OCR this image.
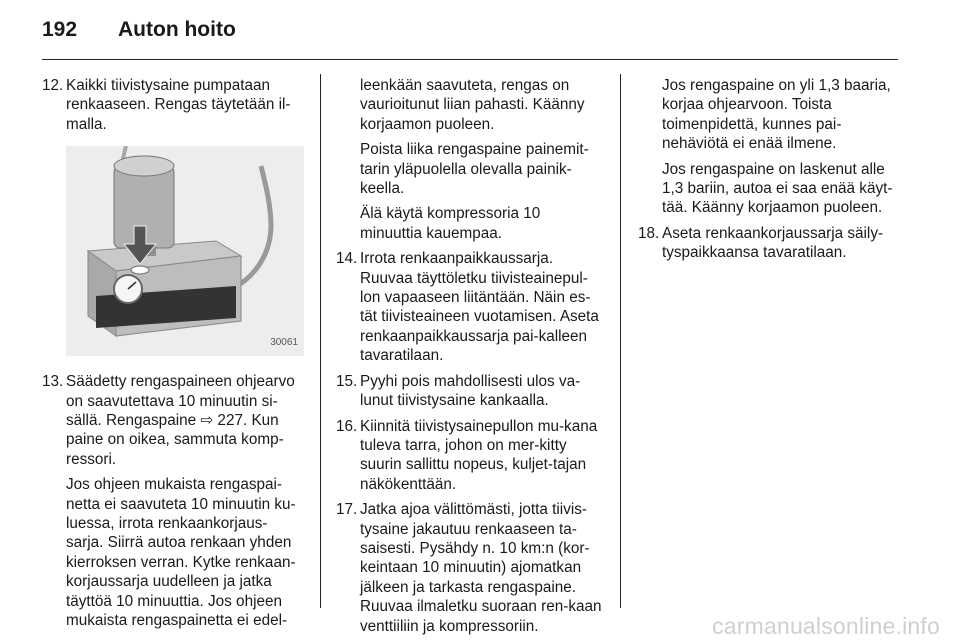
192	Auton hoito
12. Kaikki tiivistysaine pumpataan renkaaseen. Rengas täytetään il-malla.
30061
13. Säädetty rengaspaineen ohjearvo on saavutettava 10 minuutin si-sällä. Rengaspaine ⇨ 227. Kun paine on oikea, sammuta komp-ressori.
Jos ohjeen mukaista rengaspai-netta ei saavuteta 10 minuutin ku-luessa, irrota renkaankorjaus-sarja. Siirrä autoa renkaan yhden kierroksen verran. Kytke renkaan-korjaussarja uudelleen ja jatka täyttöä 10 minuuttia. Jos ohjeen mukaista rengaspainetta ei edel-

leenkään saavuteta, rengas on vaurioitunut liian pahasti. Käänny korjaamon puoleen.

Poista liika rengaspaine painemit-tarin yläpuolella olevalla painik-keella.

Älä käytä kompressoria 10 minuuttia kauempaa.

14. Irrota renkaanpaikkaussarja. Ruuvaa täyttöletku tiivisteainepul-lon vapaaseen liitäntään. Näin es-tät tiivisteaineen vuotamisen. Aseta renkaanpaikkaussarja pai-kalleen tavaratilaan.
15. Pyyhi pois mahdollisesti ulos va-lunut tiivistysaine kankaalla.
16. Kiinnitä tiivistysainepullon mu-kana tuleva tarra, johon on mer-kitty suurin sallittu nopeus, kuljet-tajan näkökenttään.
17. Jatka ajoa välittömästi, jotta tiivis-tysaine jakautuu renkaaseen ta-saisesti. Pysähdy n. 10 km:n (kor-keintaan 10 minuutin) ajomatkan jälkeen ja tarkasta rengaspaine. Ruuvaa ilmaletku suoraan ren-kaan venttiiliin ja kompressoriin.

Jos rengaspaine on yli 1,3 baaria, korjaa ohjearvoon. Toista toimenpidettä, kunnes pai-nehäviötä ei enää ilmene.

Jos rengaspaine on laskenut alle 1,3 bariin, autoa ei saa enää käyt-tää. Käänny korjaamon puoleen.

18. Aseta renkaankorjaussarja säily-tyspaikkaansa tavaratilaan.
carmanualsonline.info
